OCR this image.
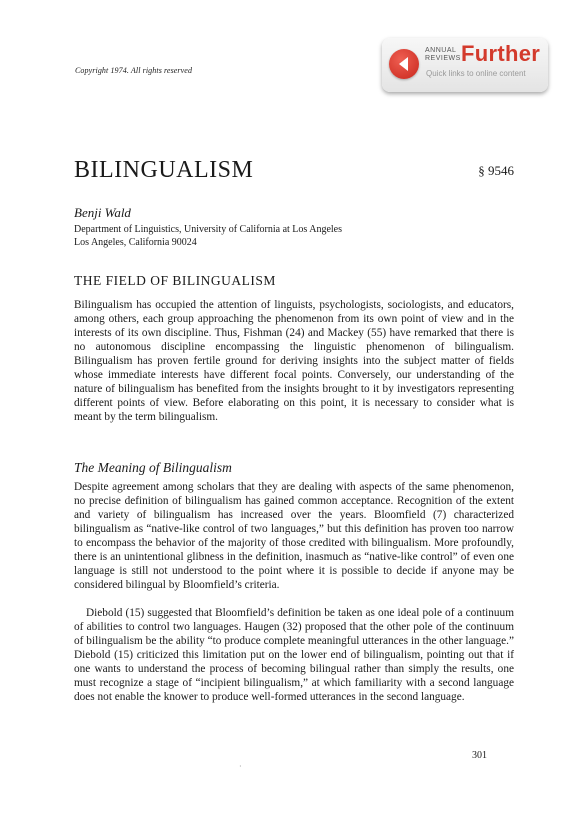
Copyright 1974. All rights reserved
ANNUAL REVIEWS Further
Quick links to online content
BILINGUALISM	§ 9546
Benji Wald
Department of Linguistics, University of California at Los Angeles
Los Angeles, California 90024
THE FIELD OF BILINGUALISM

Bilingualism has occupied the attention of linguists, psychologists, sociologists, and educators, among others, each group approaching the phenomenon from its own point of view and in the interests of its own discipline. Thus, Fishman (24) and Mackey (55) have remarked that there is no autonomous discipline encompassing the linguistic phenomenon of bilingualism. Bilingualism has proven fertile ground for deriving insights into the subject matter of fields whose immediate interests have different focal points. Conversely, our understanding of the nature of bilingualism has benefited from the insights brought to it by investigators representing different points of view. Before elaborating on this point, it is necessary to consider what is meant by the term bilingualism.

The Meaning of Bilingualism

Despite agreement among scholars that they are dealing with aspects of the same phenomenon, no precise definition of bilingualism has gained common acceptance. Recognition of the extent and variety of bilingualism has increased over the years. Bloomfield (7) characterized bilingualism as “native-like control of two languages,” but this definition has proven too narrow to encompass the behavior of the majority of those credited with bilingualism. More profoundly, there is an unintentional glibness in the definition, inasmuch as “native-like control” of even one language is still not understood to the point where it is possible to decide if anyone may be considered bilingual by Bloomfield’s criteria.

Diebold (15) suggested that Bloomfield’s definition be taken as one ideal pole of a continuum of abilities to control two languages. Haugen (32) proposed that the other pole of the continuum of bilingualism be the ability “to produce complete meaningful utterances in the other language.” Diebold (15) criticized this limitation put on the lower end of bilingualism, pointing out that if one wants to understand the process of becoming bilingual rather than simply the results, one must recognize a stage of “incipient bilingualism,” at which familiarity with a second language does not enable the knower to produce well-formed utterances in the second language.

·
301
